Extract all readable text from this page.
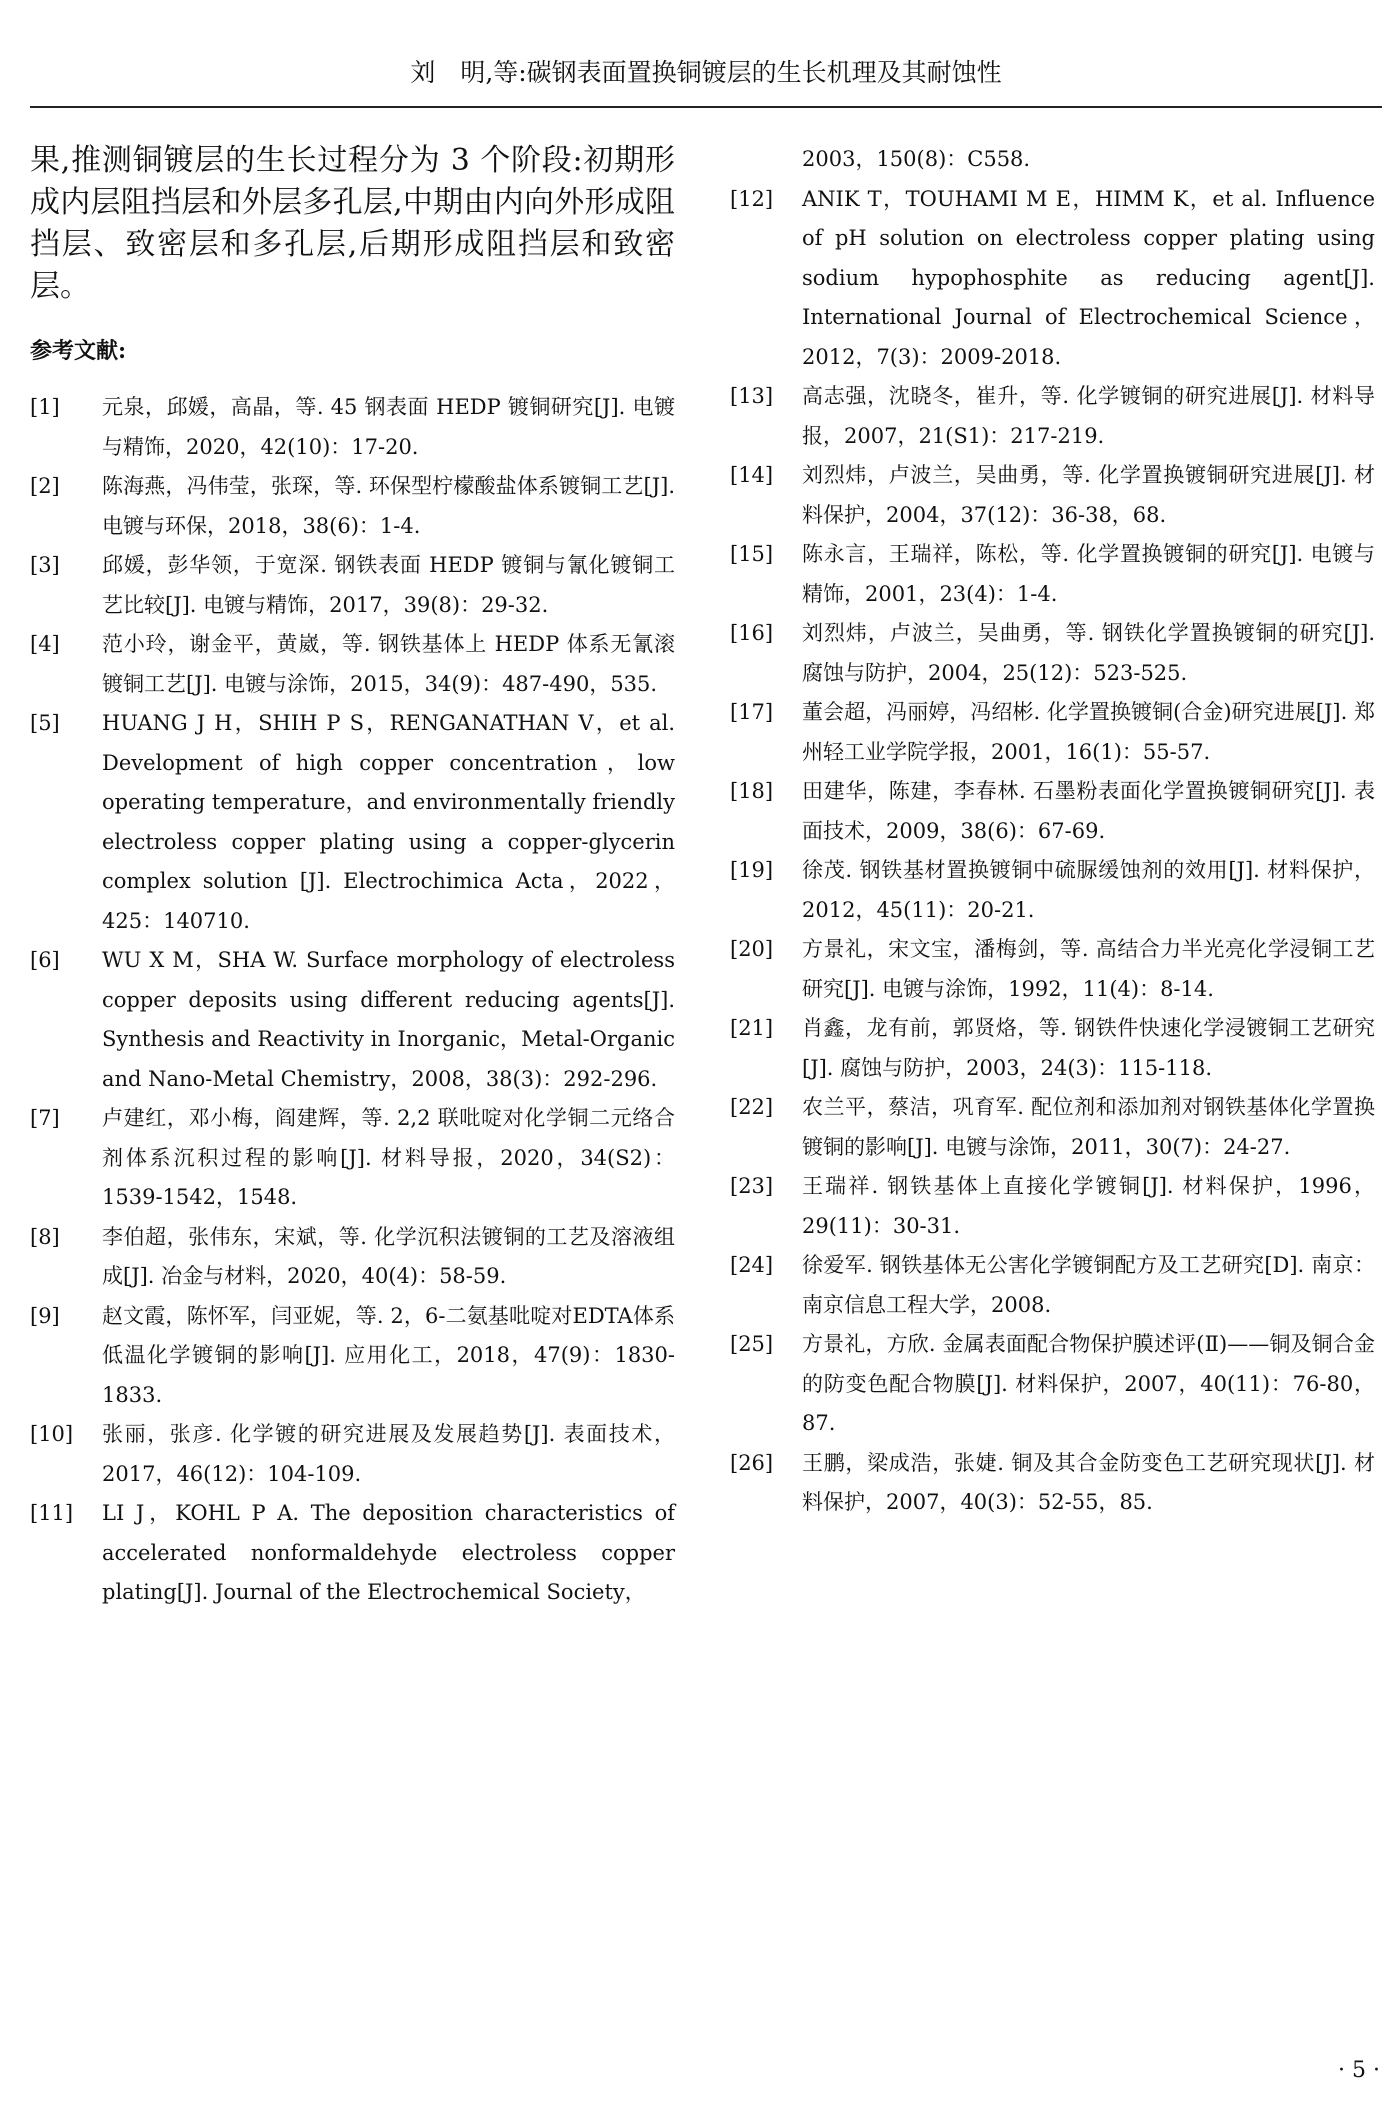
刘　明,等:碳钢表面置换铜镀层的生长机理及其耐蚀性

果,推测铜镀层的生长过程分为 3 个阶段:初期形成内层阻挡层和外层多孔层,中期由内向外形成阻挡层、致密层和多孔层,后期形成阻挡层和致密层。

参考文献:
[1]	元泉，邱媛，高晶，等. 45 钢表面 HEDP 镀铜研究[J]. 电镀与精饰，2020，42(10)：17-20.
[2]	陈海燕，冯伟莹，张琛，等. 环保型柠檬酸盐体系镀铜工艺[J]. 电镀与环保，2018，38(6)：1-4.
[3]	邱媛，彭华领，于宽深. 钢铁表面 HEDP 镀铜与氰化镀铜工艺比较[J]. 电镀与精饰，2017，39(8)：29-32.
[4]	范小玲，谢金平，黄崴，等. 钢铁基体上 HEDP 体系无氰滚镀铜工艺[J]. 电镀与涂饰，2015，34(9)：487-490，535.
[5]	HUANG J H，SHIH P S，RENGANATHAN V，et al. Development of high copper concentration，low operating temperature，and environmentally friendly electroless copper plating using a copper-glycerin complex solution [J]. Electrochimica Acta，2022，425：140710.
[6]	WU X M，SHA W. Surface morphology of electroless copper deposits using different reducing agents[J]. Synthesis and Reactivity in Inorganic，Metal-Organic and Nano-Metal Chemistry，2008，38(3)：292-296.
[7]	卢建红，邓小梅，阎建辉，等. 2,2 联吡啶对化学铜二元络合剂体系沉积过程的影响[J]. 材料导报，2020，34(S2)：1539-1542，1548.
[8]	李伯超，张伟东，宋斌，等. 化学沉积法镀铜的工艺及溶液组成[J]. 冶金与材料，2020，40(4)：58-59.
[9]	赵文霞，陈怀军，闫亚妮，等. 2，6-二氨基吡啶对EDTA体系低温化学镀铜的影响[J]. 应用化工，2018，47(9)：1830-1833.
[10]	张丽，张彦. 化学镀的研究进展及发展趋势[J]. 表面技术，2017，46(12)：104-109.
[11]	LI J，KOHL P A. The deposition characteristics of accelerated nonformaldehyde electroless copper plating[J]. Journal of the Electrochemical Society，
2003，150(8)：C558.
[12]	ANIK T，TOUHAMI M E，HIMM K，et al. Influence of pH solution on electroless copper plating using sodium hypophosphite as reducing agent[J]. International Journal of Electrochemical Science，2012，7(3)：2009-2018.
[13]	高志强，沈晓冬，崔升，等. 化学镀铜的研究进展[J]. 材料导报，2007，21(S1)：217-219.
[14]	刘烈炜，卢波兰，吴曲勇，等. 化学置换镀铜研究进展[J]. 材料保护，2004，37(12)：36-38，68.
[15]	陈永言，王瑞祥，陈松，等. 化学置换镀铜的研究[J]. 电镀与精饰，2001，23(4)：1-4.
[16]	刘烈炜，卢波兰，吴曲勇，等. 钢铁化学置换镀铜的研究[J]. 腐蚀与防护，2004，25(12)：523-525.
[17]	董会超，冯丽婷，冯绍彬. 化学置换镀铜(合金)研究进展[J]. 郑州轻工业学院学报，2001，16(1)：55-57.
[18]	田建华，陈建，李春林. 石墨粉表面化学置换镀铜研究[J]. 表面技术，2009，38(6)：67-69.
[19]	徐茂. 钢铁基材置换镀铜中硫脲缓蚀剂的效用[J]. 材料保护，2012，45(11)：20-21.
[20]	方景礼，宋文宝，潘梅剑，等. 高结合力半光亮化学浸铜工艺研究[J]. 电镀与涂饰，1992，11(4)：8-14.
[21]	肖鑫，龙有前，郭贤烙，等. 钢铁件快速化学浸镀铜工艺研究[J]. 腐蚀与防护，2003，24(3)：115-118.
[22]	农兰平，蔡洁，巩育军. 配位剂和添加剂对钢铁基体化学置换镀铜的影响[J]. 电镀与涂饰，2011，30(7)：24-27.
[23]	王瑞祥. 钢铁基体上直接化学镀铜[J]. 材料保护，1996，29(11)：30-31.
[24]	徐爱军. 钢铁基体无公害化学镀铜配方及工艺研究[D]. 南京：南京信息工程大学，2008.
[25]	方景礼，方欣. 金属表面配合物保护膜述评(Ⅱ)——铜及铜合金的防变色配合物膜[J]. 材料保护，2007，40(11)：76-80，87.
[26]	王鹏，梁成浩，张婕. 铜及其合金防变色工艺研究现状[J]. 材料保护，2007，40(3)：52-55，85.
· 5 ·
